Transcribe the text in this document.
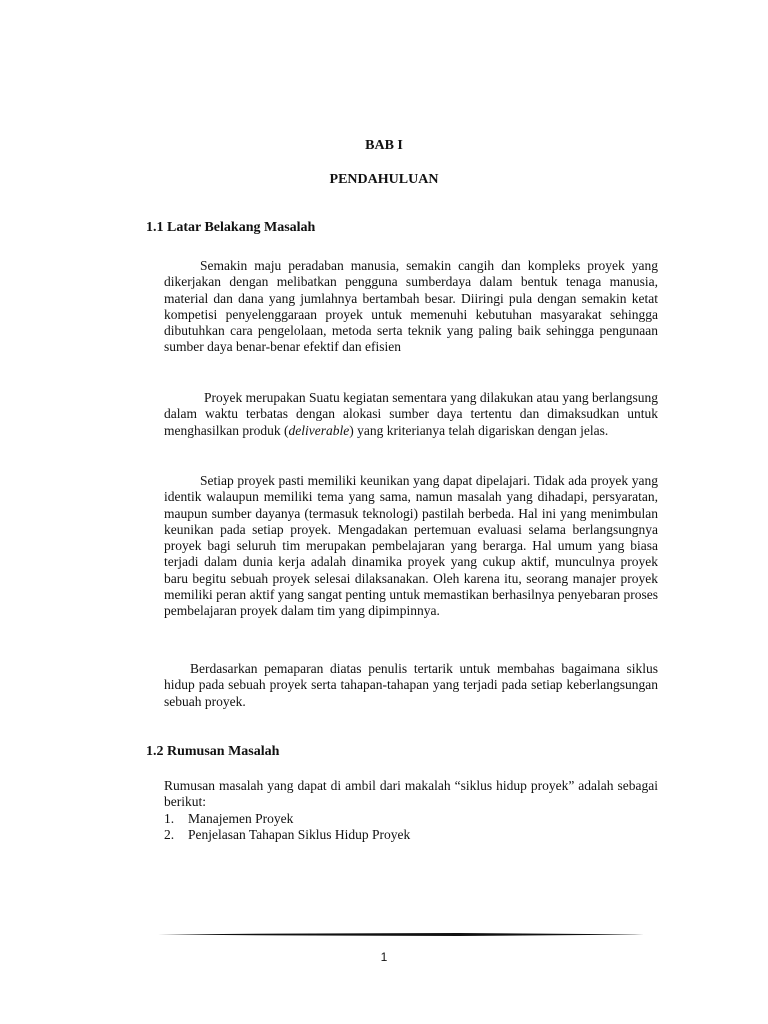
BAB I
PENDAHULUAN
1.1 Latar Belakang Masalah

Semakin maju peradaban manusia, semakin cangih dan kompleks proyek yang dikerjakan dengan melibatkan pengguna sumberdaya dalam bentuk tenaga manusia, material dan dana yang jumlahnya bertambah besar. Diiringi pula dengan semakin ketat kompetisi penyelenggaraan proyek untuk memenuhi kebutuhan masyarakat sehingga dibutuhkan cara pengelolaan, metoda serta teknik yang paling baik sehingga pengunaan sumber daya benar-benar efektif dan efisien

Proyek merupakan Suatu kegiatan sementara yang dilakukan atau yang berlangsung dalam waktu terbatas dengan alokasi sumber daya tertentu dan dimaksudkan untuk menghasilkan produk (deliverable) yang kriterianya telah digariskan dengan jelas.

Setiap proyek pasti memiliki keunikan yang dapat dipelajari. Tidak ada proyek yang identik walaupun memiliki tema yang sama, namun masalah yang dihadapi, persyaratan, maupun sumber dayanya (termasuk teknologi) pastilah berbeda. Hal ini yang menimbulan keunikan pada setiap proyek. Mengadakan pertemuan evaluasi selama berlangsungnya proyek bagi seluruh tim merupakan pembelajaran yang berarga. Hal umum yang biasa terjadi dalam dunia kerja adalah dinamika proyek yang cukup aktif, munculnya proyek baru begitu sebuah proyek selesai dilaksanakan. Oleh karena itu, seorang manajer proyek memiliki peran aktif yang sangat penting untuk memastikan berhasilnya penyebaran proses pembelajaran proyek dalam tim yang dipimpinnya.

Berdasarkan pemaparan diatas penulis tertarik untuk membahas bagaimana siklus hidup pada sebuah proyek serta tahapan-tahapan yang terjadi pada setiap keberlangsungan sebuah proyek.

1.2 Rumusan Masalah

Rumusan masalah yang dapat di ambil dari makalah “siklus hidup proyek” adalah sebagai berikut:

1.	Manajemen Proyek
2.	Penjelasan Tahapan Siklus Hidup Proyek
1
